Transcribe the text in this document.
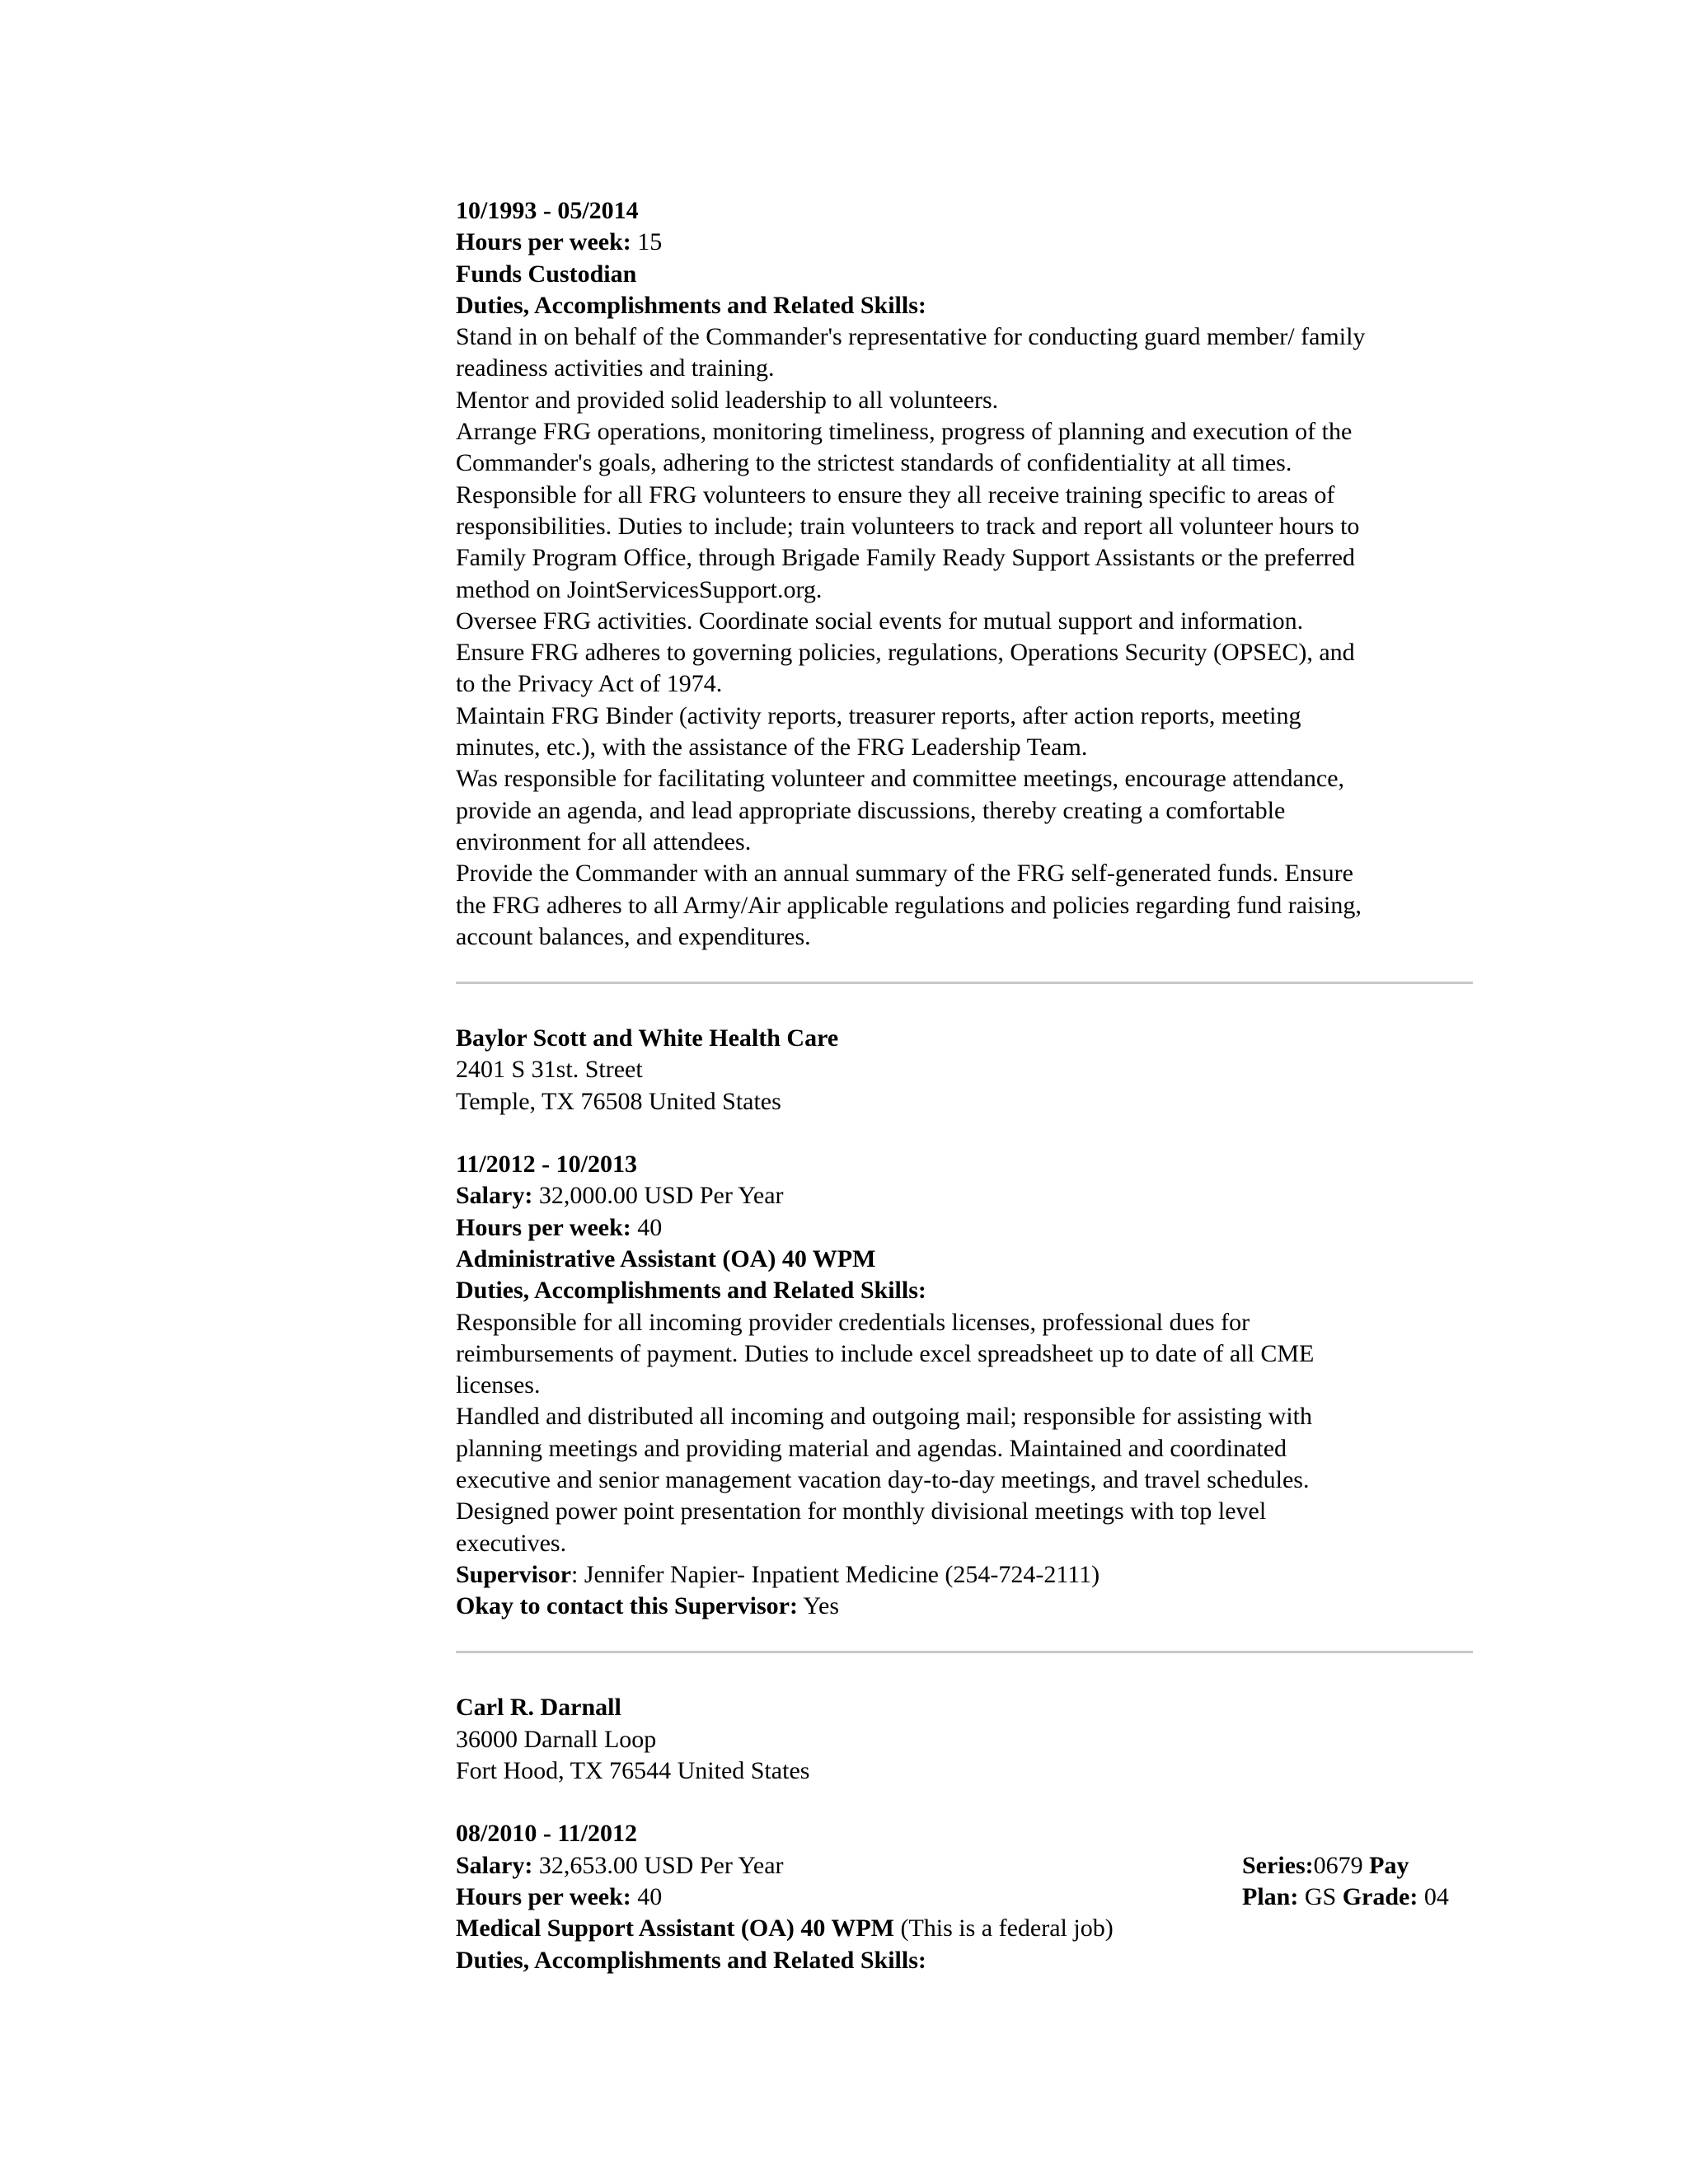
10/1993 - 05/2014
Hours per week: 15
Funds Custodian
Duties, Accomplishments and Related Skills:
Stand in on behalf of the Commander's representative for conducting guard member/ family
readiness activities and training.
Mentor and provided solid leadership to all volunteers.
Arrange FRG operations, monitoring timeliness, progress of planning and execution of the
Commander's goals, adhering to the strictest standards of confidentiality at all times.
Responsible for all FRG volunteers to ensure they all receive training specific to areas of
responsibilities. Duties to include; train volunteers to track and report all volunteer hours to
Family Program Office, through Brigade Family Ready Support Assistants or the preferred
method on JointServicesSupport.org.
Oversee FRG activities. Coordinate social events for mutual support and information.
Ensure FRG adheres to governing policies, regulations, Operations Security (OPSEC), and
to the Privacy Act of 1974.
Maintain FRG Binder (activity reports, treasurer reports, after action reports, meeting
minutes, etc.), with the assistance of the FRG Leadership Team.
Was responsible for facilitating volunteer and committee meetings, encourage attendance,
provide an agenda, and lead appropriate discussions, thereby creating a comfortable
environment for all attendees.
Provide the Commander with an annual summary of the FRG self-generated funds. Ensure
the FRG adheres to all Army/Air applicable regulations and policies regarding fund raising,
account balances, and expenditures.
Baylor Scott and White Health Care
2401 S 31st. Street
Temple, TX 76508 United States
11/2012 - 10/2013
Salary: 32,000.00 USD Per Year
Hours per week: 40
Administrative Assistant (OA) 40 WPM
Duties, Accomplishments and Related Skills:
Responsible for all incoming provider credentials licenses, professional dues for
reimbursements of payment. Duties to include excel spreadsheet up to date of all CME
licenses.
Handled and distributed all incoming and outgoing mail; responsible for assisting with
planning meetings and providing material and agendas. Maintained and coordinated
executive and senior management vacation day-to-day meetings, and travel schedules.
Designed power point presentation for monthly divisional meetings with top level
executives.
Supervisor: Jennifer Napier- Inpatient Medicine (254-724-2111)
Okay to contact this Supervisor: Yes
Carl R. Darnall
36000 Darnall Loop
Fort Hood, TX 76544 United States
08/2010 - 11/2012
Salary: 32,653.00 USD Per Year	Series:0679 Pay
Hours per week: 40	Plan: GS Grade: 04
Medical Support Assistant (OA) 40 WPM (This is a federal job)
Duties, Accomplishments and Related Skills:
